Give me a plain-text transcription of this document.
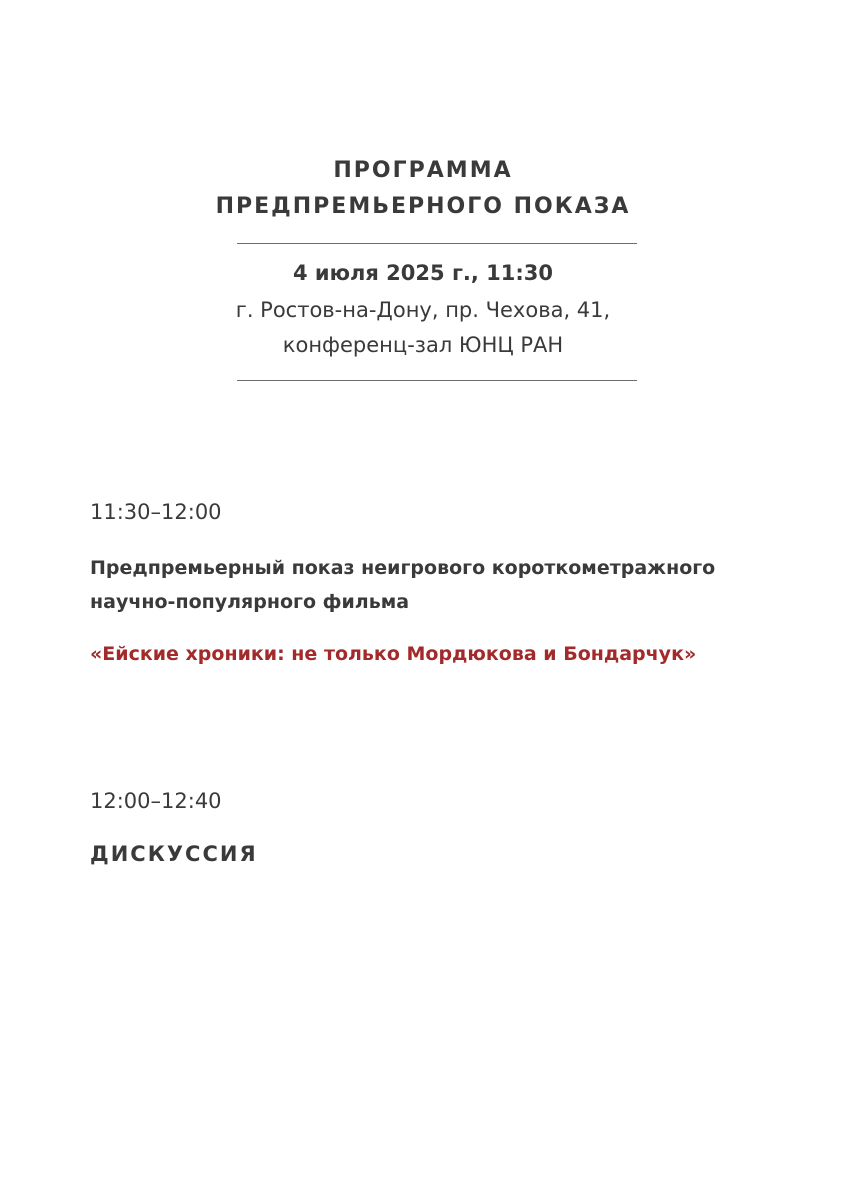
ПРОГРАММА
ПРЕДПРЕМЬЕРНОГО ПОКАЗА
4 июля 2025 г., 11:30
г. Ростов-на-Дону, пр. Чехова, 41,
конференц-зал ЮНЦ РАН
11:30–12:00
Предпремьерный показ неигрового короткометражного
научно-популярного фильма
«Ейские хроники: не только Мордюкова и Бондарчук»
12:00–12:40
ДИСКУССИЯ
